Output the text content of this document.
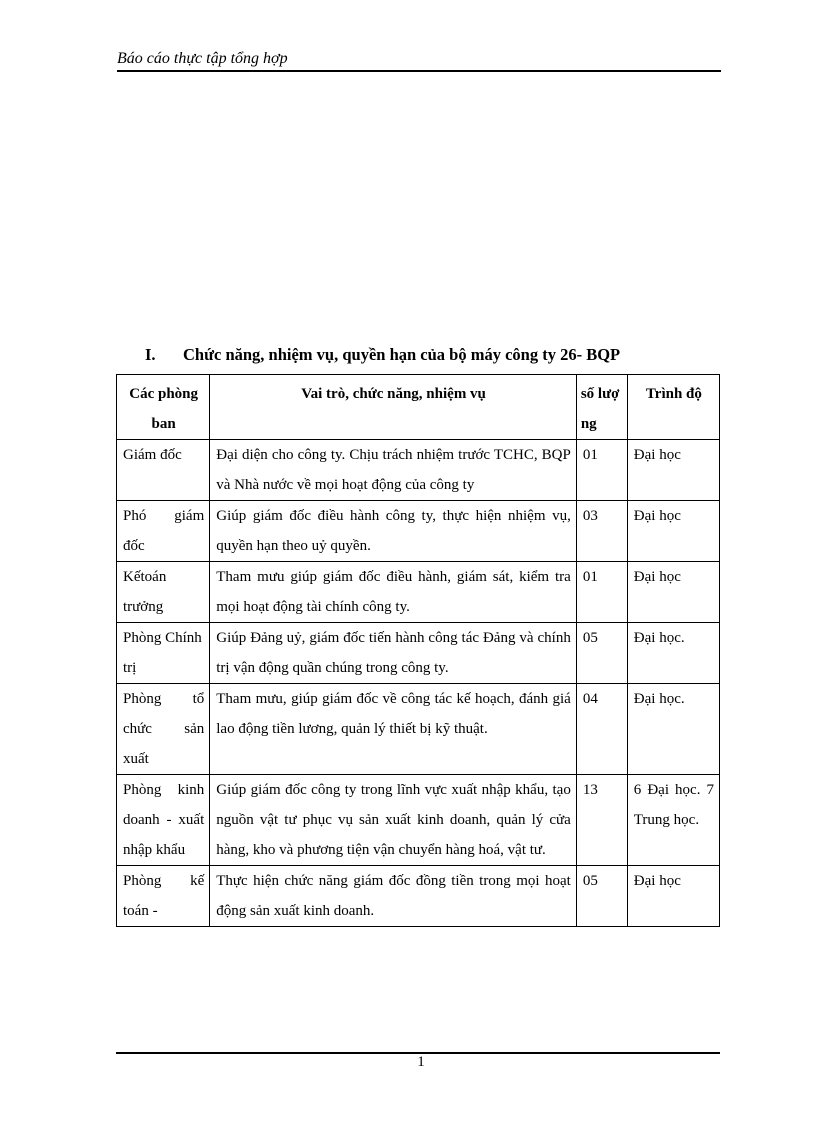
Báo cáo thực tập tổng hợp
I. Chức năng, nhiệm vụ, quyền hạn của bộ máy công ty 26- BQP
Các phòng ban	Vai trò, chức năng, nhiệm vụ	số lượng	Trình độ
Giám đốc	Đại diện cho công ty. Chịu trách nhiệm trước TCHC, BQP và Nhà nước về mọi hoạt động của công ty	01	Đại học
Phó giám đốc	Giúp giám đốc điều hành công ty, thực hiện nhiệm vụ, quyền hạn theo uỷ quyền.	03	Đại học
Kếtoán trưởng	Tham mưu giúp giám đốc điều hành, giám sát, kiểm tra mọi hoạt động tài chính công ty.	01	Đại học
Phòng Chính trị	Giúp Đảng uỷ, giám đốc tiến hành công tác Đảng và chính trị vận động quần chúng trong công ty.	05	Đại học.
Phòng tổ chức sản xuất	Tham mưu, giúp giám đốc về công tác kế hoạch, đánh giá lao động tiền lương, quản lý thiết bị kỹ thuật.	04	Đại học.
Phòng kinh doanh - xuất nhập khẩu	Giúp giám đốc công ty trong lĩnh vực xuất nhập khẩu, tạo nguồn vật tư phục vụ sản xuất kinh doanh, quản lý cửa hàng, kho và phương tiện vận chuyển hàng hoá, vật tư.	13	6 Đại học. 7 Trung học.
Phòng kế toán -	Thực hiện chức năng giám đốc đồng tiền trong mọi hoạt động sản xuất kinh doanh.	05	Đại học
1
